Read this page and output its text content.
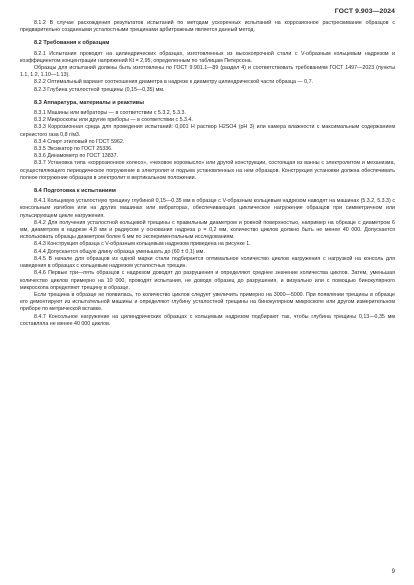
ГОСТ 9.903—2024

8.1.2 В случае расхождения результатов испытаний по методам ускоренных испытаний на коррозионное растрескивание образцов с предварительно созданными усталостными трещинами арбитражным является данный метод.

8.2 Требования к образцам

8.2.1 Испытания проводят на цилиндрических образцах, изготовленных из высокопрочной стали с V-образным кольцевым надрезом и коэффициентом концентрации напряжений Kt = 2,95, определенным по таблицам Петерсона.

Образцы для испытаний должны быть изготовлены по ГОСТ 9.901.1—89 (раздел 4) и соответствовать требованиям ГОСТ 1497—2023 (пункты 1.1, 1.2, 1.10—1.13).

8.2.2 Оптимальный вариант соотношения диаметра в надрезе к диаметру цилиндрической части образца — 0,7.

8.2.3 Глубина усталостной трещины (0,15—0,35) мм.

8.3 Аппаратура, материалы и реактивы

8.3.1 Машины или вибраторы — в соответствии с 5.3.2, 5.3.3.

8.3.2 Микроскопы или другие приборы — в соответствии с 5.3.4.

8.3.3 Коррозионная среда для проведения испытаний: 0,001 Н раствор H2SO4 (pH 3) или камера влажности с максимальным содержанием сернистого газа 0,8 г/м3.

8.3.4 Спирт этиловый по ГОСТ 5962.

8.3.5 Эксикатор по ГОСТ 25336.

8.3.6 Динамометр по ГОСТ 13837.

8.3.7 Установка типа «коррозионное колесо», «чеховое коромысло» или другой конструкции, состоящая из ванны с электролитом и механизма, осуществляющего периодическое погружение в электролит и подъем установленных на нем образцов. Конструкция установки должна обеспечивать полное погружение образцов в электролит в вертикальном положении.

8.4 Подготовка к испытаниям

8.4.1 Кольцевую усталостную трещину глубиной 0,15—0,35 мм в образце с V-образным кольцевым надрезом наводят на машинах (5.3.2, 5.3.3) с консольным изгибом или на других машинах или вибраторах, обеспечивающих циклическое нагружение образцов при симметричном или пульсирующем цикле нагружения.

8.4.2 Для получения усталостной кольцевой трещины с правильным диаметром и ровной поверхностью, например на образце с диаметром 6 мм, диаметром в надрезе 4,8 мм и радиусом у основания надреза ρ = 0,2 мм, количество циклов должно быть не менее 40 000. Допускается использовать образцы диаметром более 6 мм по экспериментальным исследованиям.

8.4.3 Конструкция образца с V-образным кольцевым надрезом приведена на рисунке 1.

8.4.4 Допускается общую длину образца уменьшать до (60 ± 0,1) мм.

8.4.5 В начале для образцов из одной марки стали подбирается оптимальное количество циклов нагружения с нагрузкой на консоль для наведения в образцах с кольцевым надрезом усталостных трещин.

8.4.6 Первые три—пять образцов с надрезом доводят до разрушения и определяют среднее значение количества циклов. Затем, уменьшая количество циклов примерно на 10 000, проводят испытания, не доводя образец до разрушения, и визуально или с помощью бинокулярного микроскопа определяют трещину в образце.

Если трещина в образце не появилась, то количество циклов следует увеличить примерно на 3000—5000. При появлении трещины в образце его демонтируют из испытательной машины и определяют глубину усталостной трещины на бинокулярном микроскопе или другом измерительном приборе по метрической вставке.

8.4.7 Консольное нагружение на цилиндрических образцах с кольцевым надрезом подбирают так, чтобы глубина трещины 0,13—0,35 мм составляла не менее 40 000 циклов.

9
